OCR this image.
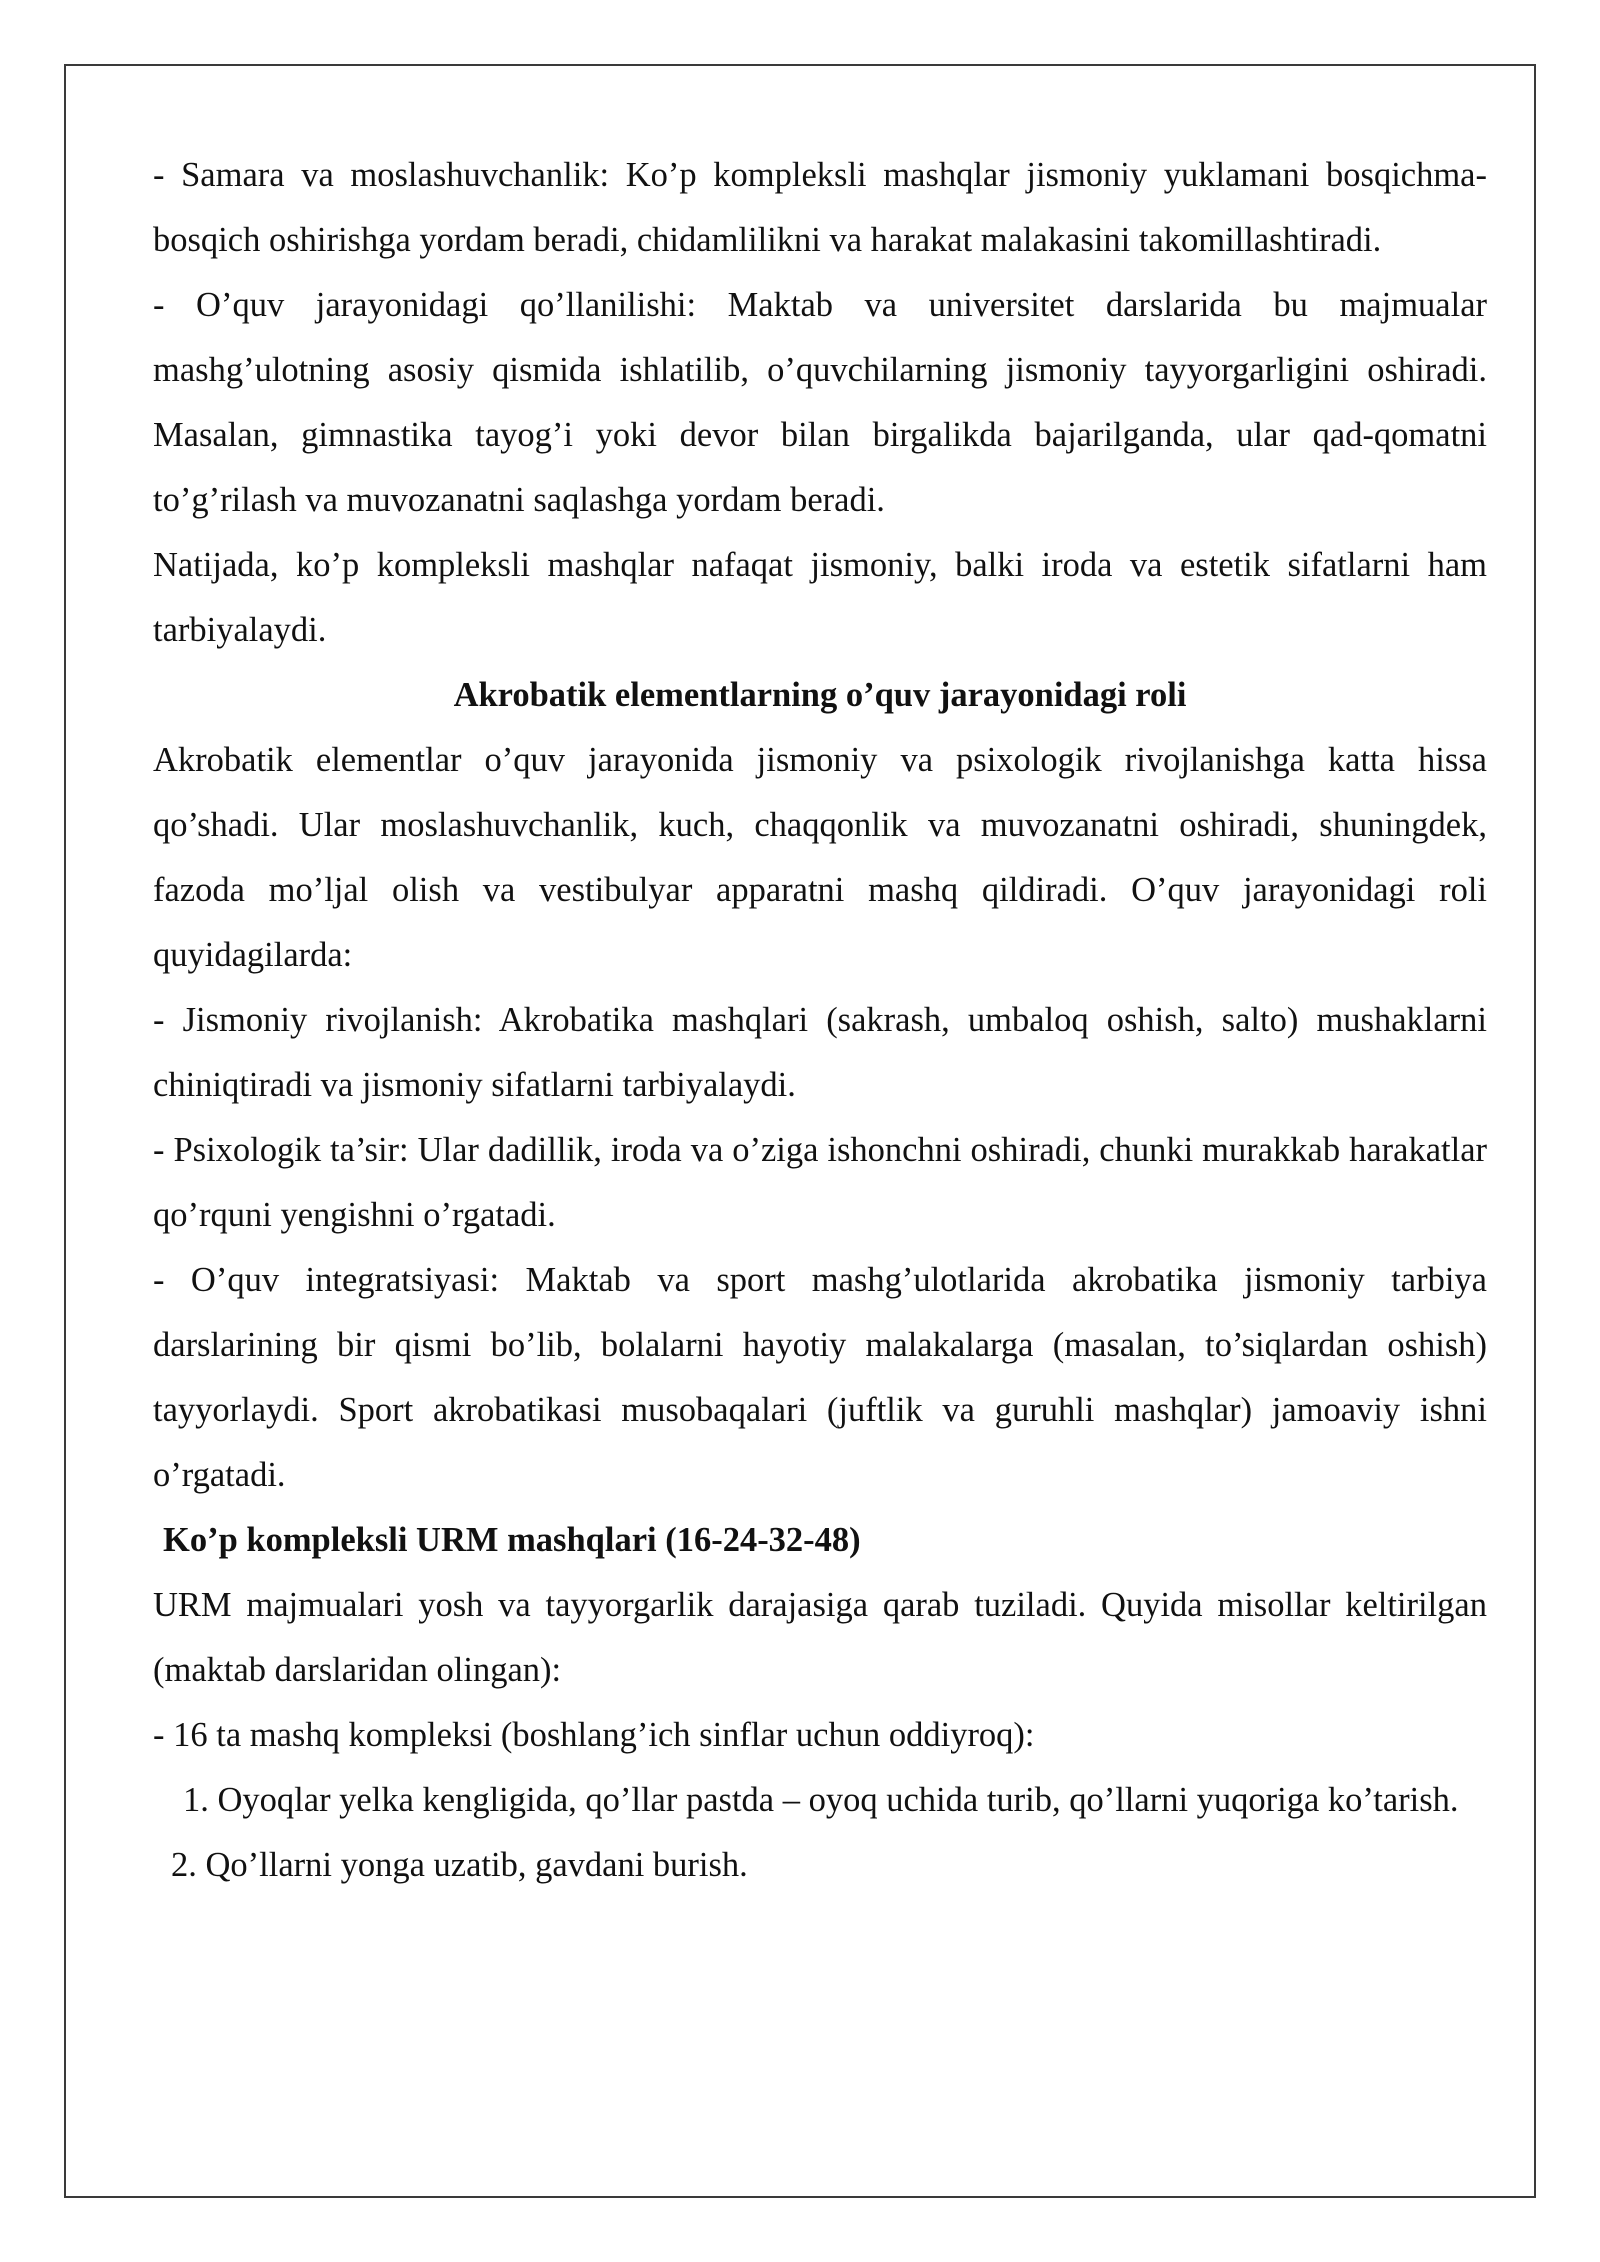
- Samara va moslashuvchanlik: Ko’p kompleksli mashqlar jismoniy yuklamani bosqichma-bosqich oshirishga yordam beradi, chidamlilikni va harakat malakasini takomillashtiradi.

- O’quv jarayonidagi qo’llanilishi: Maktab va universitet darslarida bu majmualar mashg’ulotning asosiy qismida ishlatilib, o’quvchilarning jismoniy tayyorgarligini oshiradi. Masalan, gimnastika tayog’i yoki devor bilan birgalikda bajarilganda, ular qad-qomatni to’g’rilash va muvozanatni saqlashga yordam beradi.

Natijada, ko’p kompleksli mashqlar nafaqat jismoniy, balki iroda va estetik sifatlarni ham tarbiyalaydi.

Akrobatik elementlarning o’quv jarayonidagi roli

Akrobatik elementlar o’quv jarayonida jismoniy va psixologik rivojlanishga katta hissa qo’shadi. Ular moslashuvchanlik, kuch, chaqqonlik va muvozanatni oshiradi, shuningdek, fazoda mo’ljal olish va vestibulyar apparatni mashq qildiradi. O’quv jarayonidagi roli quyidagilarda:

- Jismoniy rivojlanish: Akrobatika mashqlari (sakrash, umbaloq oshish, salto) mushaklarni chiniqtiradi va jismoniy sifatlarni tarbiyalaydi.

- Psixologik ta’sir: Ular dadillik, iroda va o’ziga ishonchni oshiradi, chunki murakkab harakatlar qo’rquni yengishni o’rgatadi.

- O’quv integratsiyasi: Maktab va sport mashg’ulotlarida akrobatika jismoniy tarbiya darslarining bir qismi bo’lib, bolalarni hayotiy malakalarga (masalan, to’siqlardan oshish) tayyorlaydi. Sport akrobatikasi musobaqalari (juftlik va guruhli mashqlar) jamoaviy ishni o’rgatadi.

Ko’p kompleksli URM mashqlari (16-24-32-48)

URM majmualari yosh va tayyorgarlik darajasiga qarab tuziladi. Quyida misollar keltirilgan (maktab darslaridan olingan):

- 16 ta mashq kompleksi (boshlang’ich sinflar uchun oddiyroq):

1. Oyoqlar yelka kengligida, qo’llar pastda – oyoq uchida turib, qo’llarni yuqoriga ko’tarish.

2. Qo’llarni yonga uzatib, gavdani burish.
